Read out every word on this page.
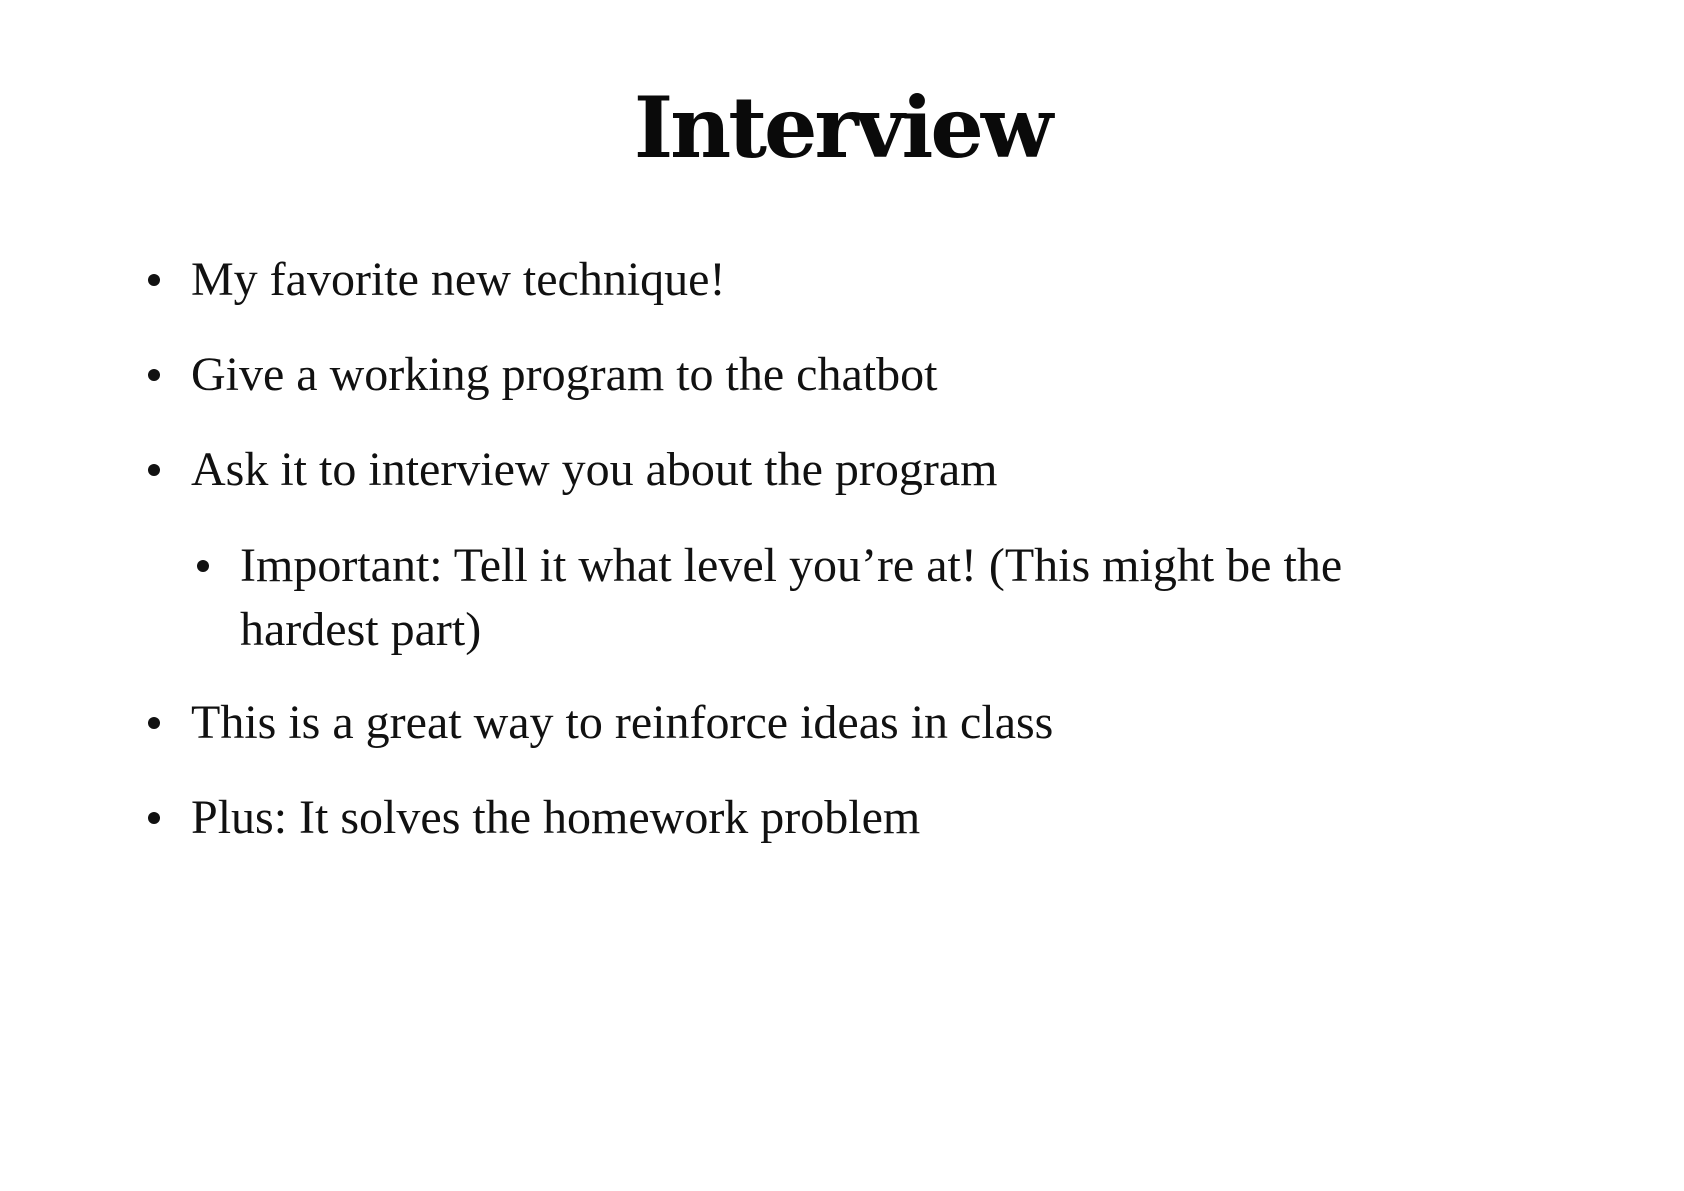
Interview
My favorite new technique!
Give a working program to the chatbot
Ask it to interview you about the program
Important: Tell it what level you’re at! (This might be the hardest part)
This is a great way to reinforce ideas in class
Plus: It solves the homework problem
